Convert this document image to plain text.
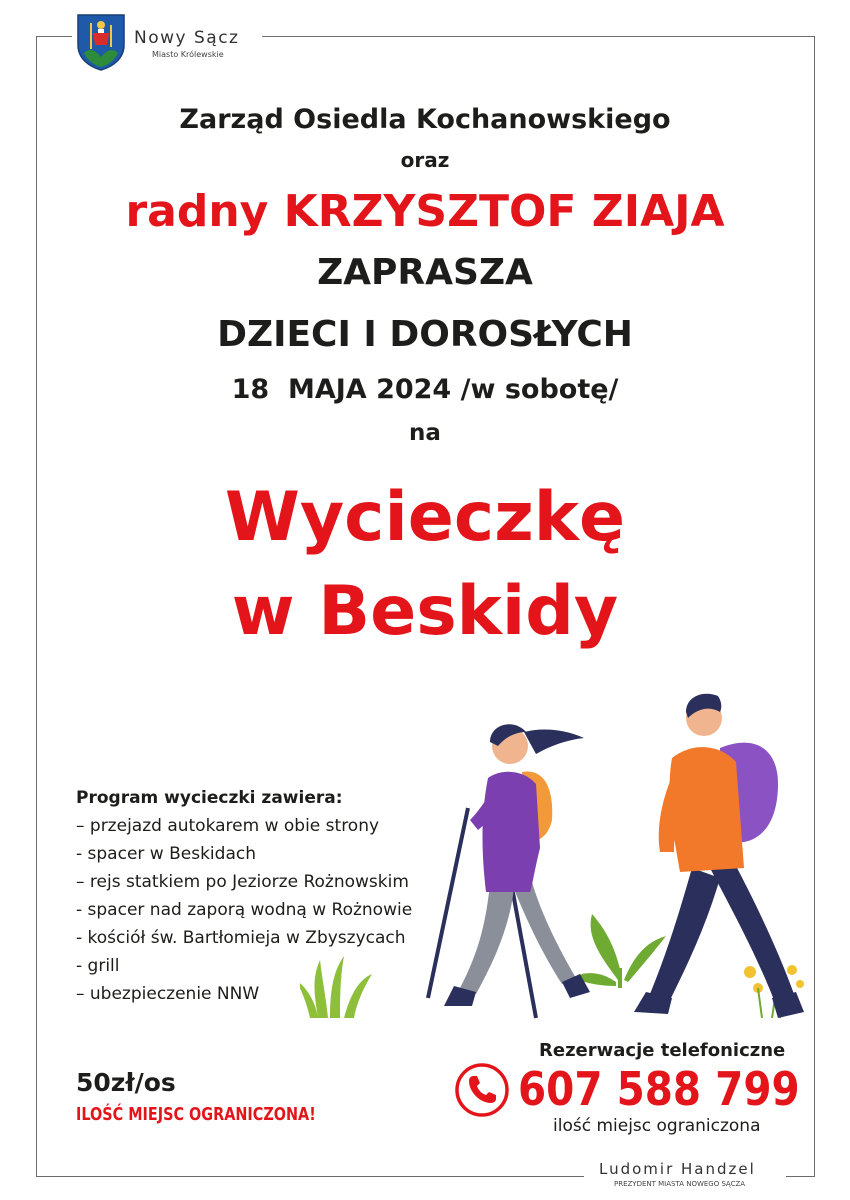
Nowy Sącz
Miasto Królewskie
Zarząd Osiedla Kochanowskiego
oraz
radny KRZYSZTOF ZIAJA
ZAPRASZA
DZIECI I DOROSŁYCH
18  MAJA 2024 /w sobotę/
na
Wycieczkę
w Beskidy
Program wycieczki zawiera:
– przejazd autokarem w obie strony
- spacer w Beskidach
– rejs statkiem po Jeziorze Rożnowskim
- spacer nad zaporą wodną w Rożnowie
- kościół św. Bartłomieja w Zbyszycach
- grill
– ubezpieczenie NNW
50zł/os
ILOŚĆ MIEJSC OGRANICZONA!
Rezerwacje telefoniczne
607 588 799
ilość miejsc ograniczona
Ludomir Handzel
PREZYDENT MIASTA NOWEGO SĄCZA
